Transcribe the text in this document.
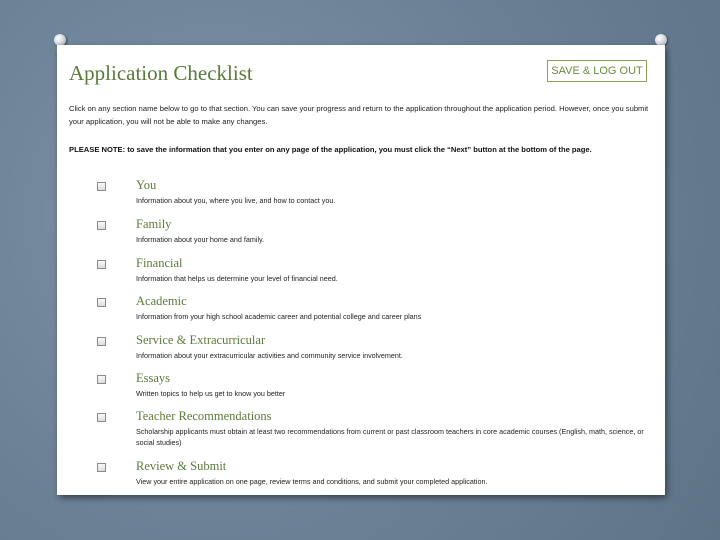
Application Checklist	SAVE & LOG OUT
Click on any section name below to go to that section. You can save your progress and return to the application throughout the application period. However, once you submit your application, you will not be able to make any changes.
PLEASE NOTE: to save the information that you enter on any page of the application, you must click the “Next” button at the bottom of the page.
You
Information about you, where you live, and how to contact you.
Family
Information about your home and family.
Financial
Information that helps us determine your level of financial need.
Academic
Information from your high school academic career and potential college and career plans
Service & Extracurricular
Information about your extracurricular activities and community service involvement.
Essays
Written topics to help us get to know you better
Teacher Recommendations
Scholarship applicants must obtain at least two recommendations from current or past classroom teachers in core academic courses (English, math, science, or social studies)
Review & Submit
View your entire application on one page, review terms and conditions, and submit your completed application.
